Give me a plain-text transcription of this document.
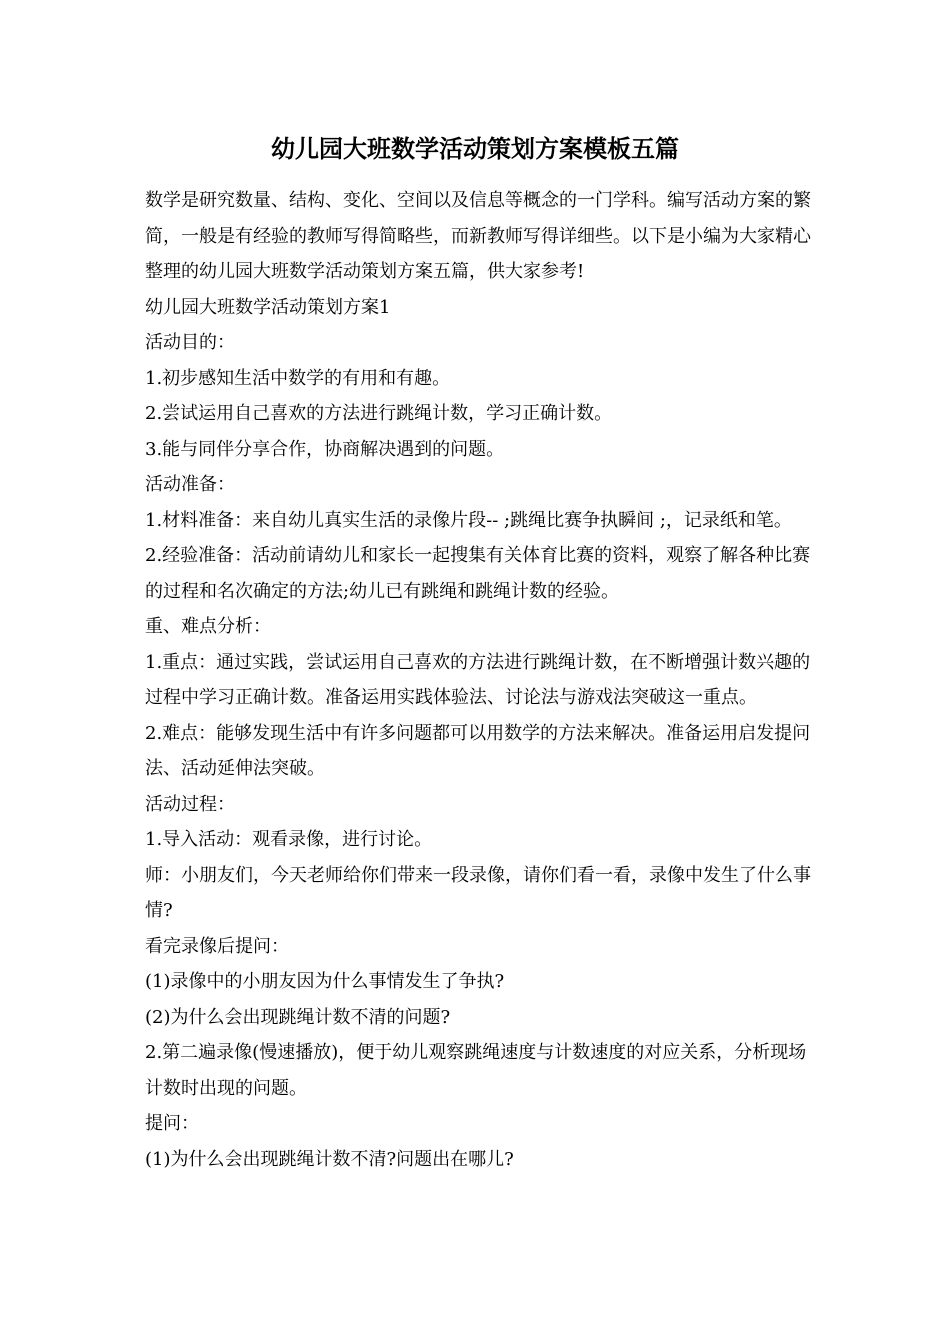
幼儿园大班数学活动策划方案模板五篇

数学是研究数量、结构、变化、空间以及信息等概念的一门学科。编写活动方案的繁简，一般是有经验的教师写得简略些，而新教师写得详细些。以下是小编为大家精心整理的幼儿园大班数学活动策划方案五篇，供大家参考!

幼儿园大班数学活动策划方案1

活动目的：

1.初步感知生活中数学的有用和有趣。

2.尝试运用自己喜欢的方法进行跳绳计数，学习正确计数。

3.能与同伴分享合作，协商解决遇到的问题。

活动准备：

1.材料准备：来自幼儿真实生活的录像片段-- ;跳绳比赛争执瞬间 ;，记录纸和笔。

2.经验准备：活动前请幼儿和家长一起搜集有关体育比赛的资料，观察了解各种比赛的过程和名次确定的方法;幼儿已有跳绳和跳绳计数的经验。

重、难点分析：

1.重点：通过实践，尝试运用自己喜欢的方法进行跳绳计数，在不断增强计数兴趣的过程中学习正确计数。准备运用实践体验法、讨论法与游戏法突破这一重点。

2.难点：能够发现生活中有许多问题都可以用数学的方法来解决。准备运用启发提问法、活动延伸法突破。

活动过程：

1.导入活动：观看录像，进行讨论。

师：小朋友们，今天老师给你们带来一段录像，请你们看一看，录像中发生了什么事情?

看完录像后提问：

(1)录像中的小朋友因为什么事情发生了争执?

(2)为什么会出现跳绳计数不清的问题?

2.第二遍录像(慢速播放)，便于幼儿观察跳绳速度与计数速度的对应关系，分析现场计数时出现的问题。

提问：

(1)为什么会出现跳绳计数不清?问题出在哪儿?
